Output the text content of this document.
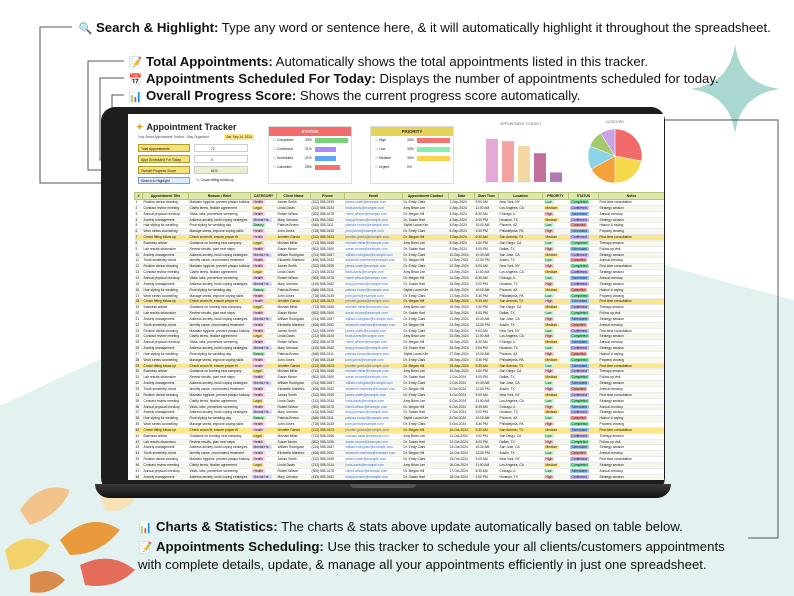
🔍 Search & Highlight: Type any word or sentence here, & it will automatically highlight it throughout the spreadsheet.
📝 Total Appointments: Automatically shows the total appointments listed in this tracker.
📅 Appointments Scheduled For Today: Displays the number of appointments scheduled for today.
📊 Overall Progress Score: Shows the current progress score automatically.
📊 Charts & Statistics: The charts & stats above update automatically based on table below.
📝 Appointments Scheduling: Use this tracker to schedule your all clients/customers appointments
with complete details, update, & manage all your appointments efficiently in just one spreadsheet.
✦ Appointment Tracker
Your Smart Appointment Tracker - Stay Organized	Sat, Sep 14, 2024
Total Appointments	72
Appt Scheduled For Today	0
Overall Progress Score	61%
Search to Highlight	🔍 Crown fitting follow-up
STATUS
☑ Completed	33%
☑ Confirmed	21%
☑ Scheduled	21%
☑ Canceled	25%
PRIORITY
☑ High	33%
☑ Low	33%
☑ Medium	33%
☑ Urgent	0%
APPOINTMENT CONTACT	CATEGORY
#	Appointment Title	Reason / Brief	CATEGORY	Client Name	Phone	Email	Appointment Contact	Date	Start Time	Location	PRIORITY	STATUS	Notes
1	Routine dental cleaning	Maintain hygiene, prevent plaque buildup	Health	James Smith	(312) 555-0199	james.smith@example.com	Dr. Emily Clark	1-Sep-2024	9:00 AM	New York, NY	Low	Completed	First-time consultation
2	Contract review meeting	Clarify terms, finalize agreement	Legal	Linda Davis	(212) 555-0134	linda.davis@example.com	Amy Brian Lee	2-Sep-2024	11:00 AM	Los Angeles, CA	Medium	Confirmed	Strategy session
3	Annual physical checkup	Vitals, labs, preventive screening	Health	Robert Wilson	(305) 555-0178	robert.wilson@example.com	Dr. Megan Hill	3-Sep-2024	8:30 AM	Chicago, IL	High	Scheduled	Annual checkup
4	Anxiety management	Address anxiety, build coping strategies	Mental He..	Mary Johnson	(415) 555-0162	mary.johnson@example.com	Dr. Susan Hart	4-Sep-2024	2:00 PM	Houston, TX	Medium	Confirmed	Strategy session
5	Hair styling for wedding	Final styling for wedding day	Beauty	Patricia Brown	(646) 555-0111	patricia.brown@example.com	Stylist Laura Kim	5-Sep-2024	10:00 AM	Phoenix, AZ	Low	Canceled	Haircut & styling
6	Work stress counseling	Manage stress, improve coping skills	Health	John Jones	(718) 555-0145	john.jones@example.com	Dr. Emily Clark	6-Sep-2024	3:30 PM	Philadelphia, PA	High	Scheduled	Property viewing
7	Crown fitting follow-up	Check crown fit, ensure proper fit	Health	Jennifer Garcia	(212) 555-0123	jennifer.garcia@example.com	Dr. Megan Hill	7-Sep-2024	9:30 AM	San Antonio, TX	Medium	Confirmed	First-time consultation
8	Business advice	Guidance on forming new company	Legal	Michael Miller	(713) 555-0166	michael.miller@example.com	Amy Brian Lee	8-Sep-2024	1:00 PM	San Diego, CA	Low	Completed	Therapy session
9	Lab results discussion	Review results, plan next steps	Health	Susan Moore	(602) 555-0190	susan.moore@example.com	Dr. Susan Hart	9-Sep-2024	4:00 PM	Dallas, TX	High	Scheduled	Follow-up visit
10	Anxiety management	Address anxiety, build coping strategies	Mental He..	William Rodriguez	(214) 555-0187	william.rodriguez@example.com	Dr. Emily Clark	10-Sep-2024	10:30 AM	San Jose, CA	Medium	Confirmed	Strategy session
11	Tooth sensitivity check	Identify cause, recommend treatment	Health	Elizabeth Martinez	(408) 555-0152	elizabeth.martinez@example.com	Dr. Megan Hill	11-Sep-2024	12:00 PM	Austin, TX	Low	Canceled	Annual checkup
12	Routine dental cleaning	Maintain hygiene, prevent plaque buildup	Health	James Smith	(312) 555-0199	james.smith@example.com	Dr. Emily Clark	12-Sep-2024	9:00 AM	New York, NY	High	Completed	First-time consultation
13	Contract review meeting	Clarify terms, finalize agreement	Legal	Linda Davis	(212) 555-0134	linda.davis@example.com	Amy Brian Lee	13-Sep-2024	11:00 AM	Los Angeles, CA	Medium	Confirmed	Strategy session
14	Annual physical checkup	Vitals, labs, preventive screening	Health	Robert Wilson	(305) 555-0178	robert.wilson@example.com	Dr. Megan Hill	14-Sep-2024	8:30 AM	Chicago, IL	Low	Scheduled	Annual checkup
15	Anxiety management	Address anxiety, build coping strategies	Mental He..	Mary Johnson	(415) 555-0162	mary.johnson@example.com	Dr. Susan Hart	15-Sep-2024	2:00 PM	Houston, TX	High	Confirmed	Strategy session
16	Hair styling for wedding	Final styling for wedding day	Beauty	Patricia Brown	(646) 555-0111	patricia.brown@example.com	Stylist Laura Kim	16-Sep-2024	10:00 AM	Phoenix, AZ	Medium	Canceled	Haircut & styling
17	Work stress counseling	Manage stress, improve coping skills	Health	John Jones	(718) 555-0145	john.jones@example.com	Dr. Emily Clark	17-Sep-2024	3:30 PM	Philadelphia, PA	Low	Completed	Property viewing
18	Crown fitting follow-up	Check crown fit, ensure proper fit	Health	Jennifer Garcia	(212) 555-0123	jennifer.garcia@example.com	Dr. Megan Hill	18-Sep-2024	9:30 AM	San Antonio, TX	High	Scheduled	First-time consultation
19	Business advice	Guidance on forming new company	Legal	Michael Miller	(713) 555-0166	michael.miller@example.com	Amy Brian Lee	19-Sep-2024	1:00 PM	San Diego, CA	Medium	Confirmed	Therapy session
20	Lab results discussion	Review results, plan next steps	Health	Susan Moore	(602) 555-0190	susan.moore@example.com	Dr. Susan Hart	20-Sep-2024	4:00 PM	Dallas, TX	Low	Completed	Follow-up visit
21	Anxiety management	Address anxiety, build coping strategies	Mental He..	William Rodriguez	(214) 555-0187	william.rodriguez@example.com	Dr. Emily Clark	21-Sep-2024	10:30 AM	San Jose, CA	High	Scheduled	Strategy session
22	Tooth sensitivity check	Identify cause, recommend treatment	Health	Elizabeth Martinez	(408) 555-0152	elizabeth.martinez@example.com	Dr. Megan Hill	22-Sep-2024	12:00 PM	Austin, TX	Medium	Canceled	Annual checkup
23	Routine dental cleaning	Maintain hygiene, prevent plaque buildup	Health	James Smith	(312) 555-0199	james.smith@example.com	Dr. Emily Clark	23-Sep-2024	9:00 AM	New York, NY	Low	Confirmed	First-time consultation
24	Contract review meeting	Clarify terms, finalize agreement	Legal	Linda Davis	(212) 555-0134	linda.davis@example.com	Amy Brian Lee	24-Sep-2024	11:00 AM	Los Angeles, CA	High	Completed	Strategy session
25	Annual physical checkup	Vitals, labs, preventive screening	Health	Robert Wilson	(305) 555-0178	robert.wilson@example.com	Dr. Megan Hill	25-Sep-2024	8:30 AM	Chicago, IL	Medium	Scheduled	Annual checkup
26	Anxiety management	Address anxiety, build coping strategies	Mental He..	Mary Johnson	(415) 555-0162	mary.johnson@example.com	Dr. Susan Hart	26-Sep-2024	2:00 PM	Houston, TX	Low	Confirmed	Strategy session
27	Hair styling for wedding	Final styling for wedding day	Beauty	Patricia Brown	(646) 555-0111	patricia.brown@example.com	Stylist Laura Kim	27-Sep-2024	10:00 AM	Phoenix, AZ	High	Canceled	Haircut & styling
28	Work stress counseling	Manage stress, improve coping skills	Health	John Jones	(718) 555-0145	john.jones@example.com	Dr. Emily Clark	28-Sep-2024	3:30 PM	Philadelphia, PA	Medium	Completed	Property viewing
29	Crown fitting follow-up	Check crown fit, ensure proper fit	Health	Jennifer Garcia	(212) 555-0123	jennifer.garcia@example.com	Dr. Megan Hill	29-Sep-2024	9:30 AM	San Antonio, TX	Low	Scheduled	First-time consultation
30	Business advice	Guidance on forming new company	Legal	Michael Miller	(713) 555-0166	michael.miller@example.com	Amy Brian Lee	30-Sep-2024	1:00 PM	San Diego, CA	High	Confirmed	Therapy session
31	Lab results discussion	Review results, plan next steps	Health	Susan Moore	(602) 555-0190	susan.moore@example.com	Dr. Susan Hart	1-Oct-2024	4:00 PM	Dallas, TX	Medium	Completed	Follow-up visit
32	Anxiety management	Address anxiety, build coping strategies	Mental He..	William Rodriguez	(214) 555-0187	william.rodriguez@example.com	Dr. Emily Clark	2-Oct-2024	10:30 AM	San Jose, CA	Low	Scheduled	Strategy session
33	Tooth sensitivity check	Identify cause, recommend treatment	Health	Elizabeth Martinez	(408) 555-0152	elizabeth.martinez@example.com	Dr. Megan Hill	3-Oct-2024	12:00 PM	Austin, TX	High	Canceled	Annual checkup
34	Routine dental cleaning	Maintain hygiene, prevent plaque buildup	Health	James Smith	(312) 555-0199	james.smith@example.com	Dr. Emily Clark	4-Oct-2024	9:00 AM	New York, NY	Medium	Confirmed	First-time consultation
35	Contract review meeting	Clarify terms, finalize agreement	Legal	Linda Davis	(212) 555-0134	linda.davis@example.com	Amy Brian Lee	5-Oct-2024	11:00 AM	Los Angeles, CA	Low	Completed	Strategy session
36	Annual physical checkup	Vitals, labs, preventive screening	Health	Robert Wilson	(305) 555-0178	robert.wilson@example.com	Dr. Megan Hill	6-Oct-2024	8:30 AM	Chicago, IL	High	Scheduled	Annual checkup
37	Anxiety management	Address anxiety, build coping strategies	Mental He..	Mary Johnson	(415) 555-0162	mary.johnson@example.com	Dr. Susan Hart	7-Oct-2024	2:00 PM	Houston, TX	Medium	Confirmed	Strategy session
38	Hair styling for wedding	Final styling for wedding day	Beauty	Patricia Brown	(646) 555-0111	patricia.brown@example.com	Stylist Laura Kim	8-Oct-2024	10:00 AM	Phoenix, AZ	Low	Canceled	Haircut & styling
39	Work stress counseling	Manage stress, improve coping skills	Health	John Jones	(718) 555-0145	john.jones@example.com	Dr. Emily Clark	9-Oct-2024	3:30 PM	Philadelphia, PA	High	Completed	Property viewing
40	Crown fitting follow-up	Check crown fit, ensure proper fit	Health	Jennifer Garcia	(212) 555-0123	jennifer.garcia@example.com	Dr. Megan Hill	10-Oct-2024	9:30 AM	San Antonio, TX	Medium	Scheduled	First-time consultation
41	Business advice	Guidance on forming new company	Legal	Michael Miller	(713) 555-0166	michael.miller@example.com	Amy Brian Lee	11-Oct-2024	1:00 PM	San Diego, CA	Low	Confirmed	Therapy session
42	Lab results discussion	Review results, plan next steps	Health	Susan Moore	(602) 555-0190	susan.moore@example.com	Dr. Susan Hart	12-Oct-2024	4:00 PM	Dallas, TX	High	Completed	Follow-up visit
43	Anxiety management	Address anxiety, build coping strategies	Mental He..	William Rodriguez	(214) 555-0187	william.rodriguez@example.com	Dr. Emily Clark	13-Oct-2024	10:30 AM	San Jose, CA	Medium	Scheduled	Strategy session
44	Tooth sensitivity check	Identify cause, recommend treatment	Health	Elizabeth Martinez	(408) 555-0152	elizabeth.martinez@example.com	Dr. Megan Hill	14-Oct-2024	12:00 PM	Austin, TX	Low	Canceled	Annual checkup
45	Routine dental cleaning	Maintain hygiene, prevent plaque buildup	Health	James Smith	(312) 555-0199	james.smith@example.com	Dr. Emily Clark	15-Oct-2024	9:00 AM	New York, NY	High	Confirmed	First-time consultation
46	Contract review meeting	Clarify terms, finalize agreement	Legal	Linda Davis	(212) 555-0134	linda.davis@example.com	Amy Brian Lee	16-Oct-2024	11:00 AM	Los Angeles, CA	Medium	Completed	Strategy session
47	Annual physical checkup	Vitals, labs, preventive screening	Health	Robert Wilson	(305) 555-0178	robert.wilson@example.com	Dr. Megan Hill	17-Oct-2024	8:30 AM	Chicago, IL	Low	Scheduled	Annual checkup
48	Anxiety management	Address anxiety, build coping strategies	Mental He..	Mary Johnson	(415) 555-0162	mary.johnson@example.com	Dr. Susan Hart	18-Oct-2024	2:00 PM	Houston, TX	High	Confirmed	Strategy session
